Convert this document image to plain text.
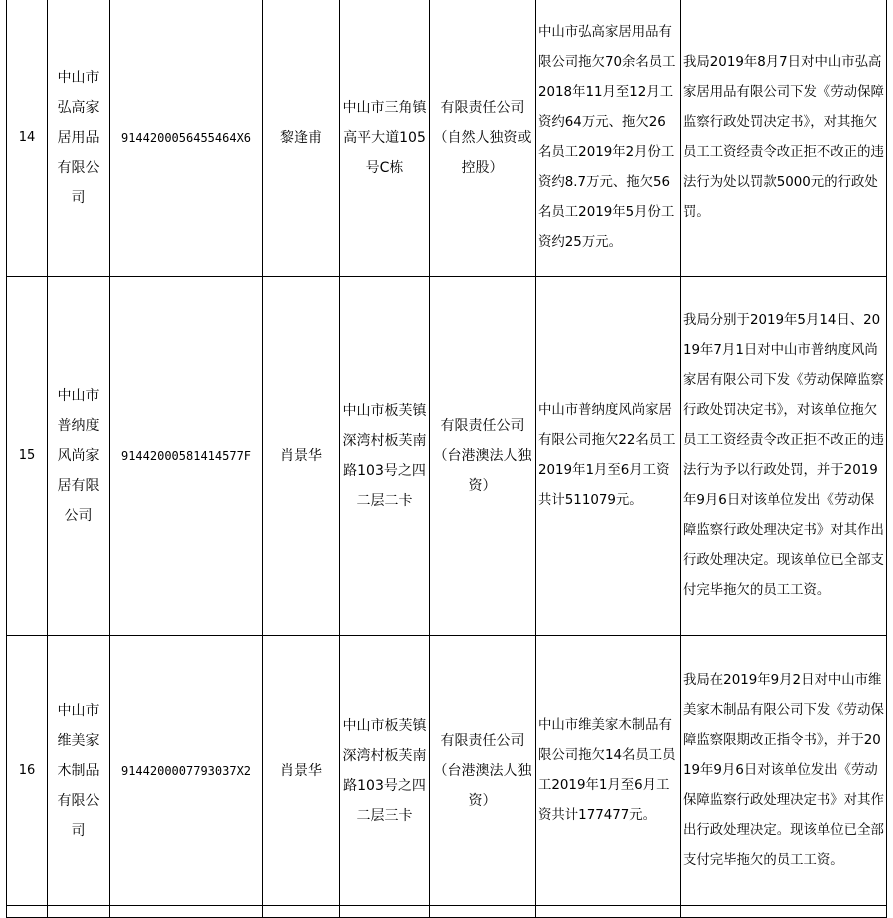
14	中山市弘高家居用品有限公司	91442000564554​64X6	黎逢甫	中山市三角镇高平大道105号C栋	有限责任公司（自然人独资或控股）	中山市弘高家居用品有限公司拖欠70余名员工2018年11月至12月工资约64万元、拖欠26名员工2019年2月份工资约8.7万元、拖欠56名员工2019年5月份工资约25万元。	我局2019年8月7日对中山市弘高家居用品有限公司下发《劳动保障监察行政处罚决定书》，对其拖欠员工工资经责令改正拒不改正的违法行为处以罚款5000元的行政处罚。

15	中山市普纳度风尚家居有限公司	914420005814145​77F	肖景华	中山市板芙镇深湾村板芙南路103号之四二层二卡	有限责任公司（台港澳法人独资）	中山市普纳度风尚家居有限公司拖欠22名员工2019年1月至6月工资共计511079元。	我局分别于2019年5月14日、2019年7月1日对中山市普纳度风尚家居有限公司下发《劳动保障监察行政处罚决定书》，对该单位拖欠员工工资经责令改正拒不改正的违法行为予以行政处罚，并于2019年9月6日对该单位发出《劳动保障监察行政处理决定书》对其作出行政处理决定。现该单位已全部支付完毕拖欠的员工工资。

16	中山市维美家木制品有限公司	91442000077930​37X2	肖景华	中山市板芙镇深湾村板芙南路103号之四二层三卡	有限责任公司（台港澳法人独资）	中山市维美家木制品有限公司拖欠14名员工员工2019年1月至6月工资共计177477元。	我局在2019年9月2日对中山市维美家木制品有限公司下发《劳动保障监察限期改正指令书》，并于2019年9月6日对该单位发出《劳动保障监察行政处理决定书》对其作出行政处理决定。现该单位已全部支付完毕拖欠的员工工资。
